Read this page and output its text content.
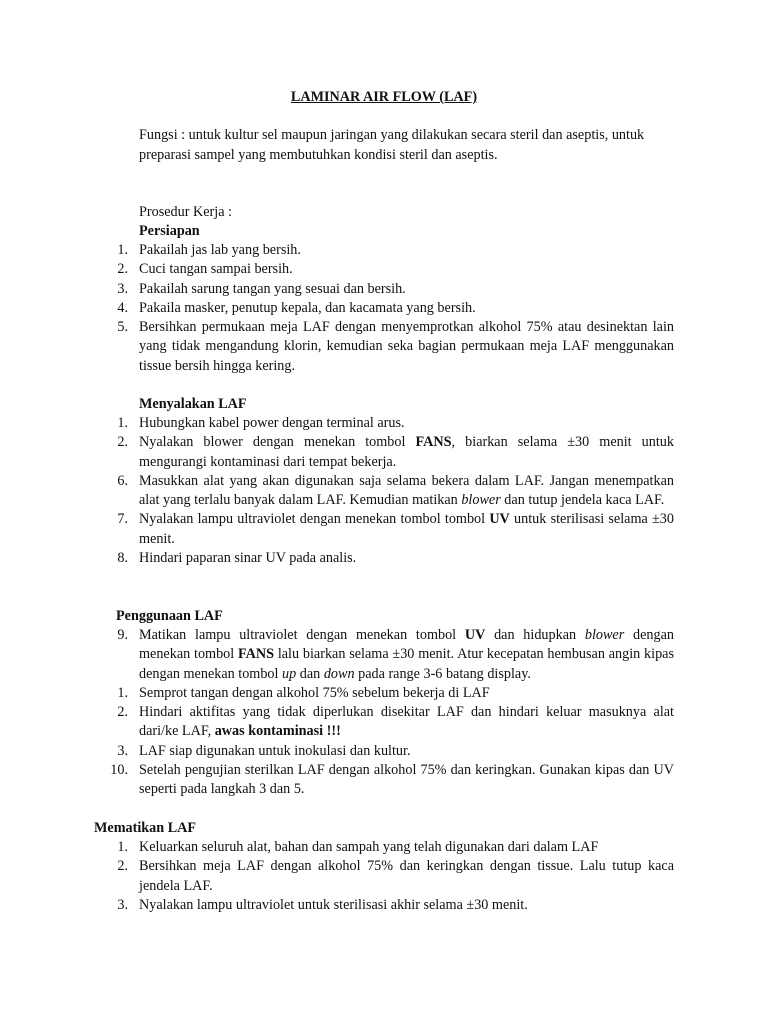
LAMINAR AIR FLOW (LAF)
Fungsi : untuk kultur sel maupun jaringan yang dilakukan secara steril dan aseptis, untuk preparasi sampel yang membutuhkan kondisi steril dan aseptis.
Prosedur Kerja :
Persiapan
1. Pakailah jas lab yang bersih.
2. Cuci tangan sampai bersih.
3. Pakailah sarung tangan yang sesuai dan bersih.
4. Pakaila masker, penutup kepala, dan kacamata yang bersih.
5. Bersihkan permukaan meja LAF dengan menyemprotkan alkohol 75% atau desinektan lain yang tidak mengandung klorin, kemudian seka bagian permukaan meja LAF menggunakan tissue bersih hingga kering.
Menyalakan LAF
1. Hubungkan kabel power dengan terminal arus.
2. Nyalakan blower dengan menekan tombol FANS, biarkan selama ±30 menit untuk mengurangi kontaminasi dari tempat bekerja.
6. Masukkan alat yang akan digunakan saja selama bekera dalam LAF. Jangan menempatkan alat yang terlalu banyak dalam LAF. Kemudian matikan blower dan tutup jendela kaca LAF.
7. Nyalakan lampu ultraviolet dengan menekan tombol tombol UV untuk sterilisasi selama ±30 menit.
8. Hindari paparan sinar UV pada analis.
Penggunaan LAF
9. Matikan lampu ultraviolet dengan menekan tombol UV dan hidupkan blower dengan menekan tombol FANS lalu biarkan selama ±30 menit. Atur kecepatan hembusan angin kipas dengan menekan tombol up dan down pada range 3-6 batang display.
1. Semprot tangan dengan alkohol 75% sebelum bekerja di LAF
2. Hindari aktifitas yang tidak diperlukan disekitar LAF dan hindari keluar masuknya alat dari/ke LAF, awas kontaminasi !!!
3. LAF siap digunakan untuk inokulasi dan kultur.
10. Setelah pengujian sterilkan LAF dengan alkohol 75% dan keringkan. Gunakan kipas dan UV seperti pada langkah 3 dan 5.
Mematikan LAF
1. Keluarkan seluruh alat, bahan dan sampah yang telah digunakan dari dalam LAF
2. Bersihkan meja LAF dengan alkohol 75% dan keringkan dengan tissue. Lalu tutup kaca jendela LAF.
3. Nyalakan lampu ultraviolet untuk sterilisasi akhir selama ±30 menit.
